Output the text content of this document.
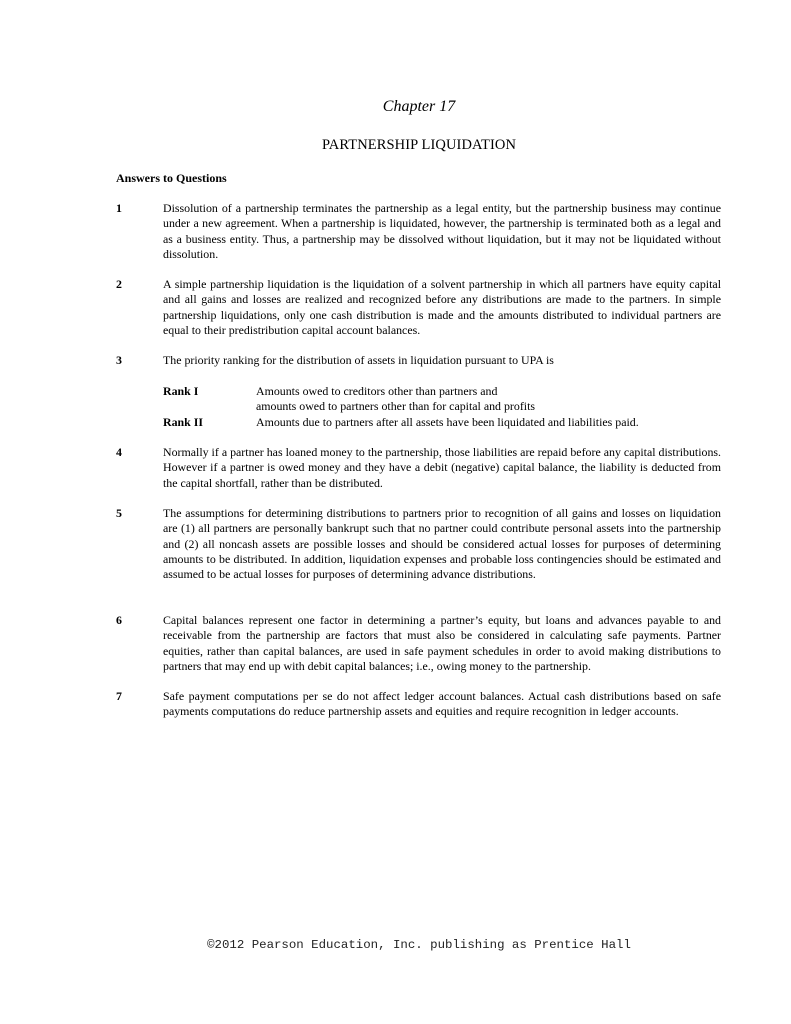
Chapter 17
PARTNERSHIP LIQUIDATION
Answers to Questions
1	Dissolution of a partnership terminates the partnership as a legal entity, but the partnership business may continue under a new agreement. When a partnership is liquidated, however, the partnership is terminated both as a legal and as a business entity. Thus, a partnership may be dissolved without liquidation, but it may not be liquidated without dissolution.
2	A simple partnership liquidation is the liquidation of a solvent partnership in which all partners have equity capital and all gains and losses are realized and recognized before any distributions are made to the partners. In simple partnership liquidations, only one cash distribution is made and the amounts distributed to individual partners are equal to their predistribution capital account balances.
3	The priority ranking for the distribution of assets in liquidation pursuant to UPA is
Rank I	Amounts owed to creditors other than partners and
amounts owed to partners other than for capital and profits
Rank II	Amounts due to partners after all assets have been liquidated and liabilities paid.
4	Normally if a partner has loaned money to the partnership, those liabilities are repaid before any capital distributions. However if a partner is owed money and they have a debit (negative) capital balance, the liability is deducted from the capital shortfall, rather than be distributed.
5	The assumptions for determining distributions to partners prior to recognition of all gains and losses on liquidation are (1) all partners are personally bankrupt such that no partner could contribute personal assets into the partnership and (2) all noncash assets are possible losses and should be considered actual losses for purposes of determining amounts to be distributed. In addition, liquidation expenses and probable loss contingencies should be estimated and assumed to be actual losses for purposes of determining advance distributions.
6	Capital balances represent one factor in determining a partner’s equity, but loans and advances payable to and receivable from the partnership are factors that must also be considered in calculating safe payments. Partner equities, rather than capital balances, are used in safe payment schedules in order to avoid making distributions to partners that may end up with debit capital balances; i.e., owing money to the partnership.
7	Safe payment computations per se do not affect ledger account balances. Actual cash distributions based on safe payments computations do reduce partnership assets and equities and require recognition in ledger accounts.
©2012 Pearson Education, Inc. publishing as Prentice Hall
